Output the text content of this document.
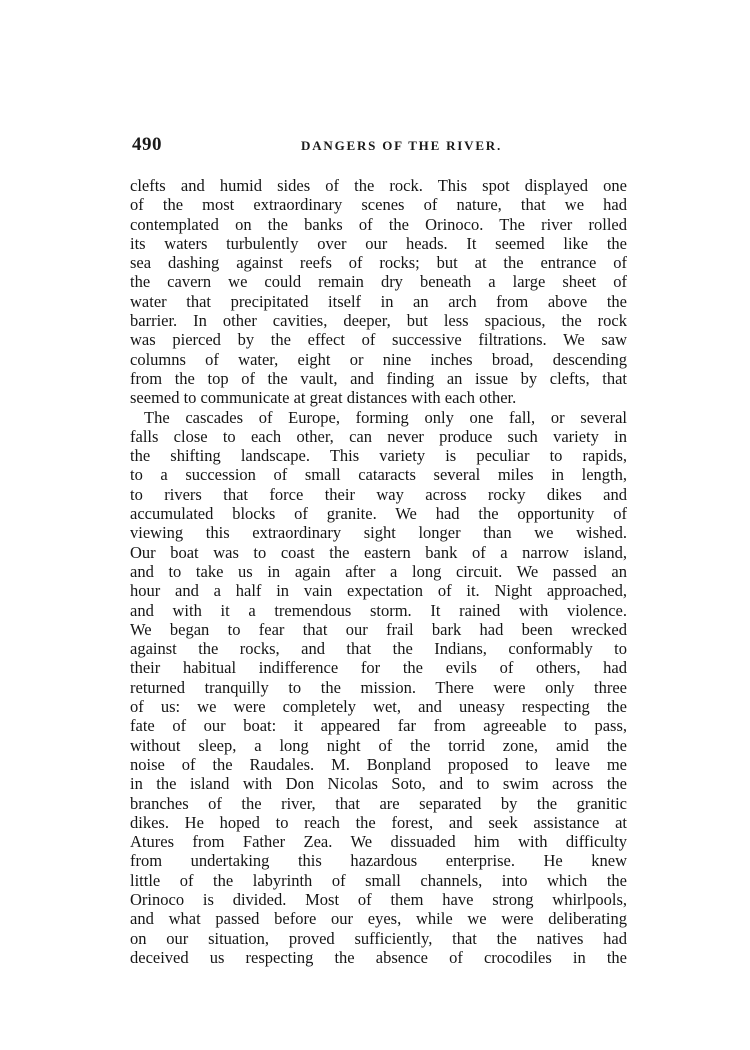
490	DANGERS OF THE RIVER.
clefts and humid sides of the rock. This spot displayed one
of the most extraordinary scenes of nature, that we had
contemplated on the banks of the Orinoco. The river rolled
its waters turbulently over our heads. It seemed like the
sea dashing against reefs of rocks; but at the entrance of
the cavern we could remain dry beneath a large sheet of
water that precipitated itself in an arch from above the
barrier. In other cavities, deeper, but less spacious, the rock
was pierced by the effect of successive filtrations. We saw
columns of water, eight or nine inches broad, descending
from the top of the vault, and finding an issue by clefts, that
seemed to communicate at great distances with each other.
The cascades of Europe, forming only one fall, or several
falls close to each other, can never produce such variety in
the shifting landscape. This variety is peculiar to rapids,
to a succession of small cataracts several miles in length,
to rivers that force their way across rocky dikes and
accumulated blocks of granite. We had the opportunity of
viewing this extraordinary sight longer than we wished.
Our boat was to coast the eastern bank of a narrow island,
and to take us in again after a long circuit. We passed an
hour and a half in vain expectation of it. Night approached,
and with it a tremendous storm. It rained with violence.
We began to fear that our frail bark had been wrecked
against the rocks, and that the Indians, conformably to
their habitual indifference for the evils of others, had
returned tranquilly to the mission. There were only three
of us: we were completely wet, and uneasy respecting the
fate of our boat: it appeared far from agreeable to pass,
without sleep, a long night of the torrid zone, amid the
noise of the Raudales. M. Bonpland proposed to leave me
in the island with Don Nicolas Soto, and to swim across the
branches of the river, that are separated by the granitic
dikes. He hoped to reach the forest, and seek assistance at
Atures from Father Zea. We dissuaded him with difficulty
from undertaking this hazardous enterprise. He knew
little of the labyrinth of small channels, into which the
Orinoco is divided. Most of them have strong whirlpools,
and what passed before our eyes, while we were deliberating
on our situation, proved sufficiently, that the natives had
deceived us respecting the absence of crocodiles in the
